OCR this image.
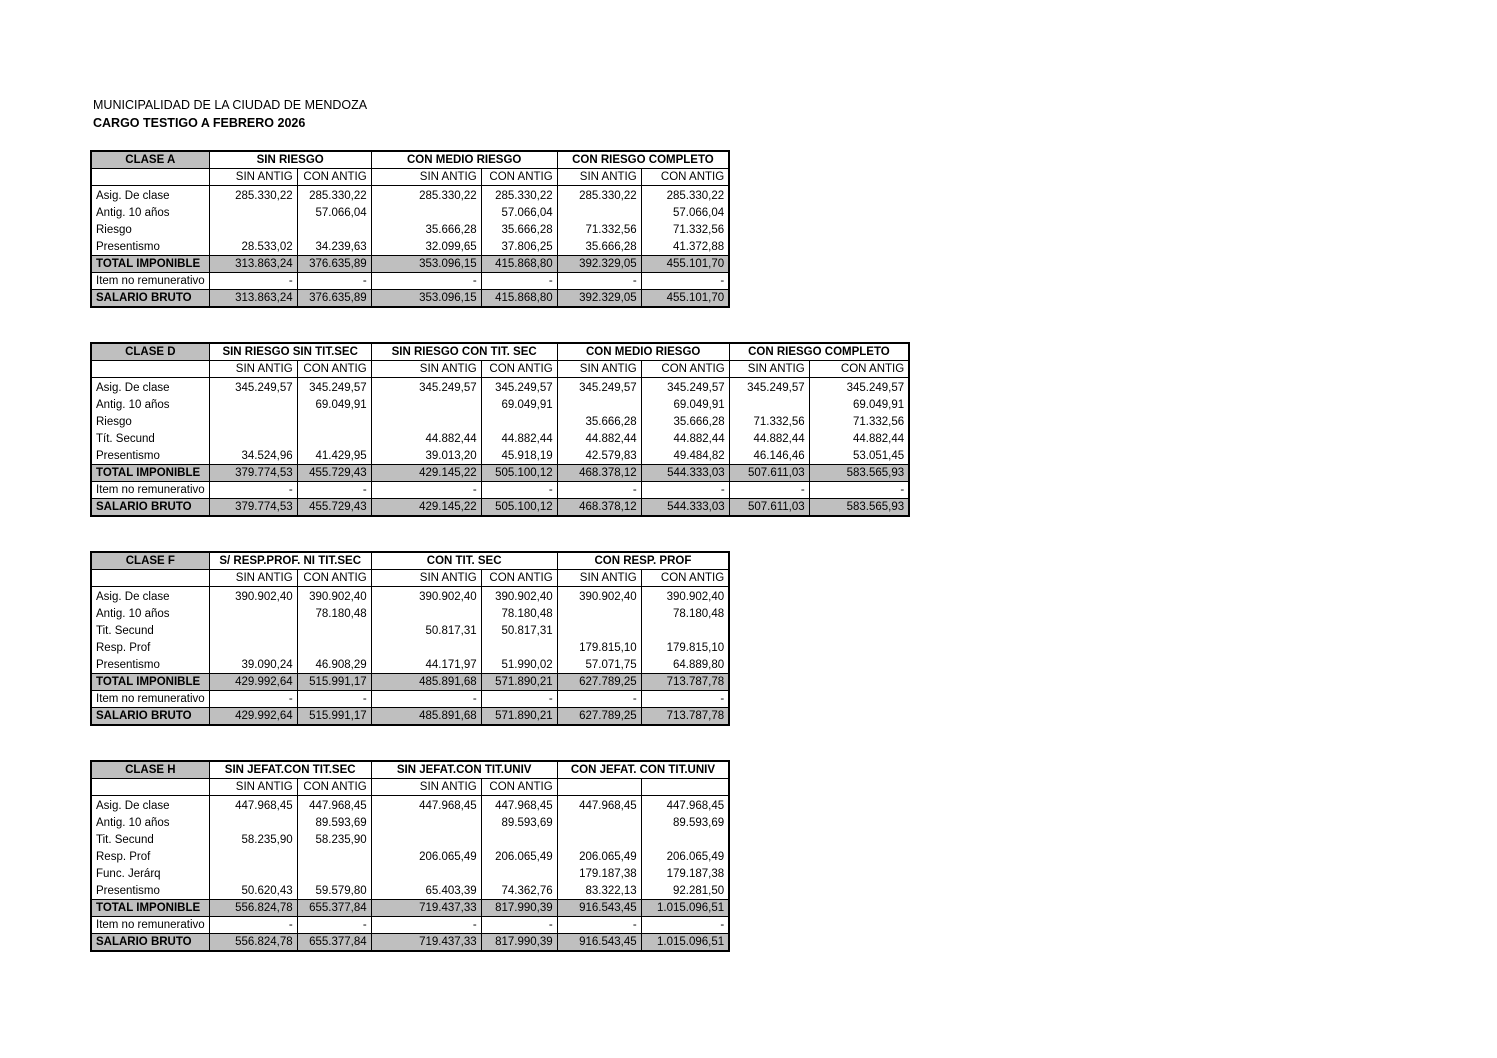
MUNICIPALIDAD DE LA CIUDAD DE MENDOZA
CARGO TESTIGO A FEBRERO 2026
CLASE A	SIN RIESGO		CON MEDIO RIESGO		CON RIESGO COMPLETO	
	SIN ANTIG	CON ANTIG	SIN ANTIG	CON ANTIG	SIN ANTIG	CON ANTIG

Asig. De clase	285.330,22	285.330,22	285.330,22	285.330,22	285.330,22	285.330,22
Antig. 10 años		57.066,04		57.066,04		57.066,04
Riesgo			35.666,28	35.666,28	71.332,56	71.332,56
Presentismo	28.533,02	34.239,63	32.099,65	37.806,25	35.666,28	41.372,88
TOTAL IMPONIBLE	313.863,24	376.635,89	353.096,15	415.868,80	392.329,05	455.101,70
Item no remunerativo	-	-	-	-	-	-
SALARIO BRUTO	313.863,24	376.635,89	353.096,15	415.868,80	392.329,05	455.101,70
CLASE D	SIN RIESGO SIN TIT.SEC		SIN RIESGO CON TIT. SEC		CON MEDIO RIESGO		CON RIESGO COMPLETO	
	SIN ANTIG	CON ANTIG	SIN ANTIG	CON ANTIG	SIN ANTIG	CON ANTIG	SIN ANTIG	CON ANTIG

Asig. De clase	345.249,57	345.249,57	345.249,57	345.249,57	345.249,57	345.249,57	345.249,57	345.249,57
Antig. 10 años		69.049,91		69.049,91		69.049,91		69.049,91
Riesgo					35.666,28	35.666,28	71.332,56	71.332,56
Tít. Secund			44.882,44	44.882,44	44.882,44	44.882,44	44.882,44	44.882,44
Presentismo	34.524,96	41.429,95	39.013,20	45.918,19	42.579,83	49.484,82	46.146,46	53.051,45
TOTAL IMPONIBLE	379.774,53	455.729,43	429.145,22	505.100,12	468.378,12	544.333,03	507.611,03	583.565,93
Item no remunerativo	-	-	-	-	-	-	-	-
SALARIO BRUTO	379.774,53	455.729,43	429.145,22	505.100,12	468.378,12	544.333,03	507.611,03	583.565,93
CLASE F	S/ RESP.PROF. NI TIT.SEC		CON TIT. SEC		CON RESP. PROF	
	SIN ANTIG	CON ANTIG	SIN ANTIG	CON ANTIG	SIN ANTIG	CON ANTIG

Asig. De clase	390.902,40	390.902,40	390.902,40	390.902,40	390.902,40	390.902,40
Antig. 10 años		78.180,48		78.180,48		78.180,48
Tit. Secund			50.817,31	50.817,31		
Resp. Prof					179.815,10	179.815,10
Presentismo	39.090,24	46.908,29	44.171,97	51.990,02	57.071,75	64.889,80
TOTAL IMPONIBLE	429.992,64	515.991,17	485.891,68	571.890,21	627.789,25	713.787,78
Item no remunerativo	-	-	-	-	-	-
SALARIO BRUTO	429.992,64	515.991,17	485.891,68	571.890,21	627.789,25	713.787,78
CLASE H	SIN JEFAT.CON TIT.SEC		SIN JEFAT.CON TIT.UNIV		CON JEFAT. CON TIT.UNIV	
	SIN ANTIG	CON ANTIG	SIN ANTIG	CON ANTIG		

Asig. De clase	447.968,45	447.968,45	447.968,45	447.968,45	447.968,45	447.968,45
Antig. 10 años		89.593,69		89.593,69		89.593,69
Tit. Secund	58.235,90	58.235,90				
Resp. Prof			206.065,49	206.065,49	206.065,49	206.065,49
Func. Jerárq					179.187,38	179.187,38
Presentismo	50.620,43	59.579,80	65.403,39	74.362,76	83.322,13	92.281,50
TOTAL IMPONIBLE	556.824,78	655.377,84	719.437,33	817.990,39	916.543,45	1.015.096,51
Item no remunerativo	-	-	-	-	-	-
SALARIO BRUTO	556.824,78	655.377,84	719.437,33	817.990,39	916.543,45	1.015.096,51
